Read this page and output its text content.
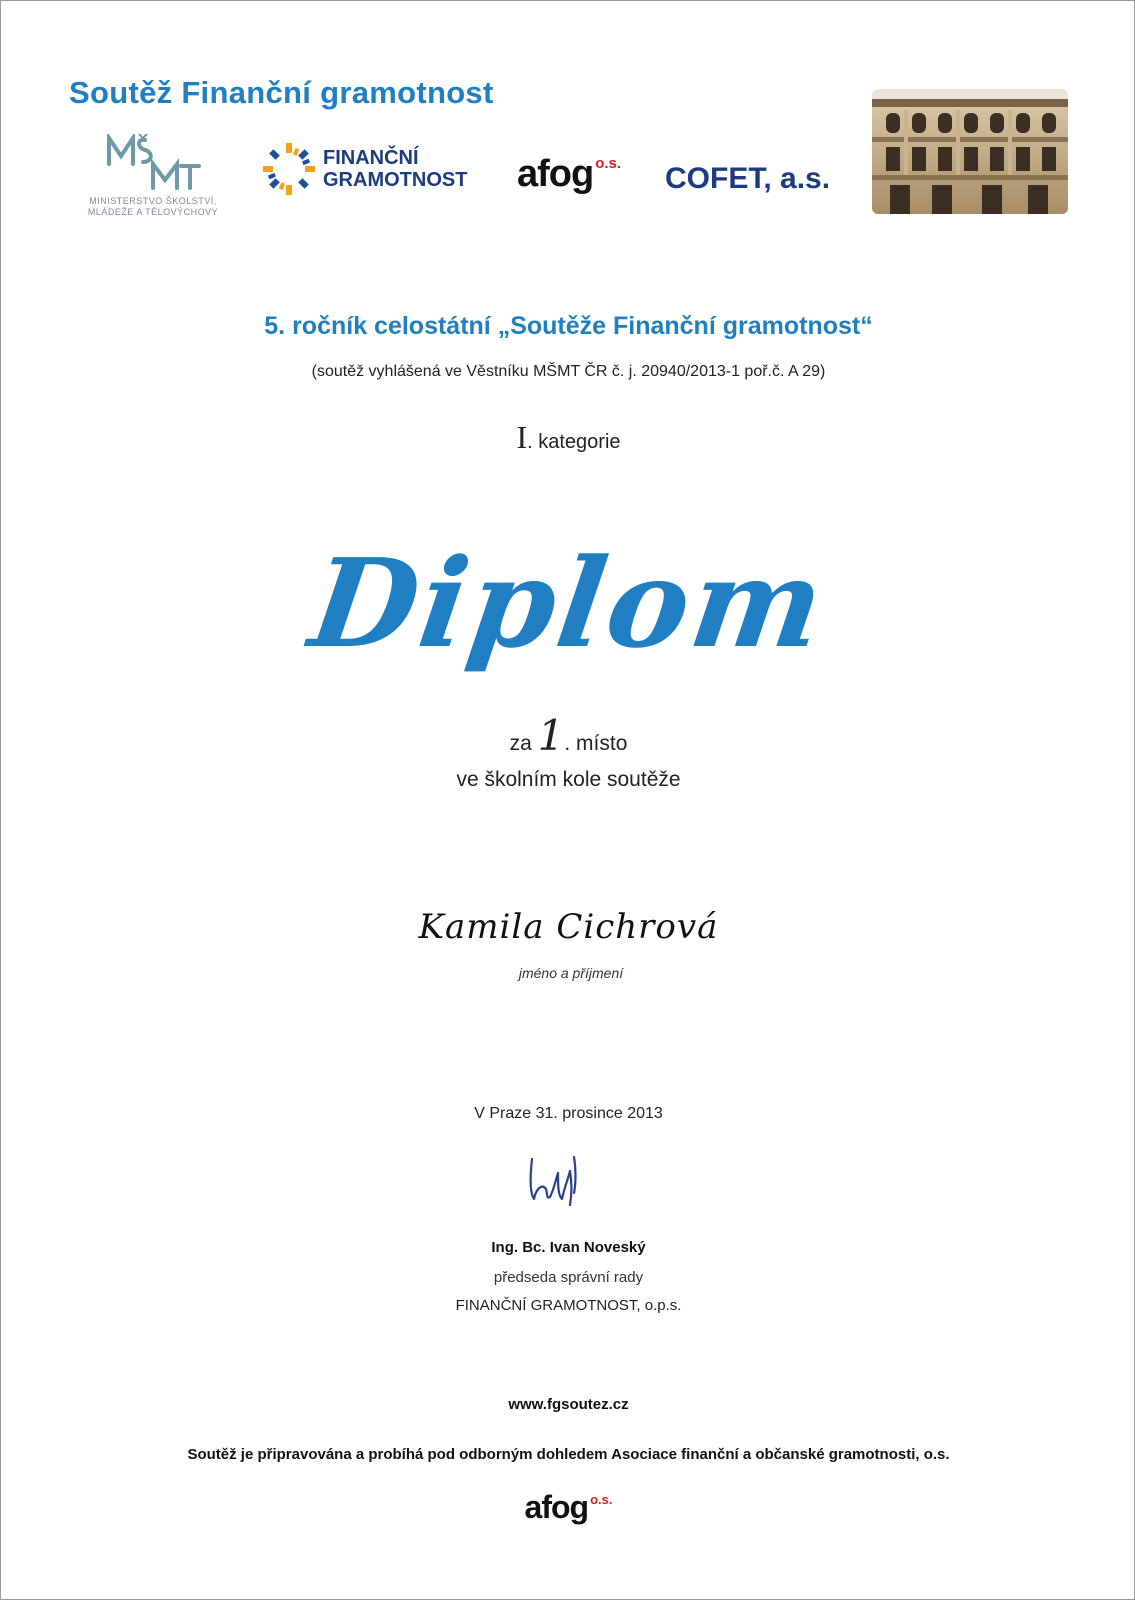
Soutěž Finanční gramotnost
MINISTERSTVO ŠKOLSTVÍ,
MLÁDEŽE A TĚLOVÝCHOVY
FINANČNÍ
GRAMOTNOST afog o.s. COFET, a.s.
5. ročník celostátní „Soutěže Finanční gramotnost“
(soutěž vyhlášená ve Věstníku MŠMT ČR č. j. 20940/2013-1 poř.č. A 29)
I. kategorie
Diplom
za 1. místo
ve školním kole soutěže
Kamila Cichrová
jméno a příjmení
V Praze 31. prosince 2013
Ing. Bc. Ivan Noveský
předseda správní rady
FINANČNÍ GRAMOTNOST, o.p.s.
www.fgsoutez.cz
Soutěž je připravována a probíhá pod odborným dohledem Asociace finanční a občanské gramotnosti, o.s.
afog $^{o.s.}$
